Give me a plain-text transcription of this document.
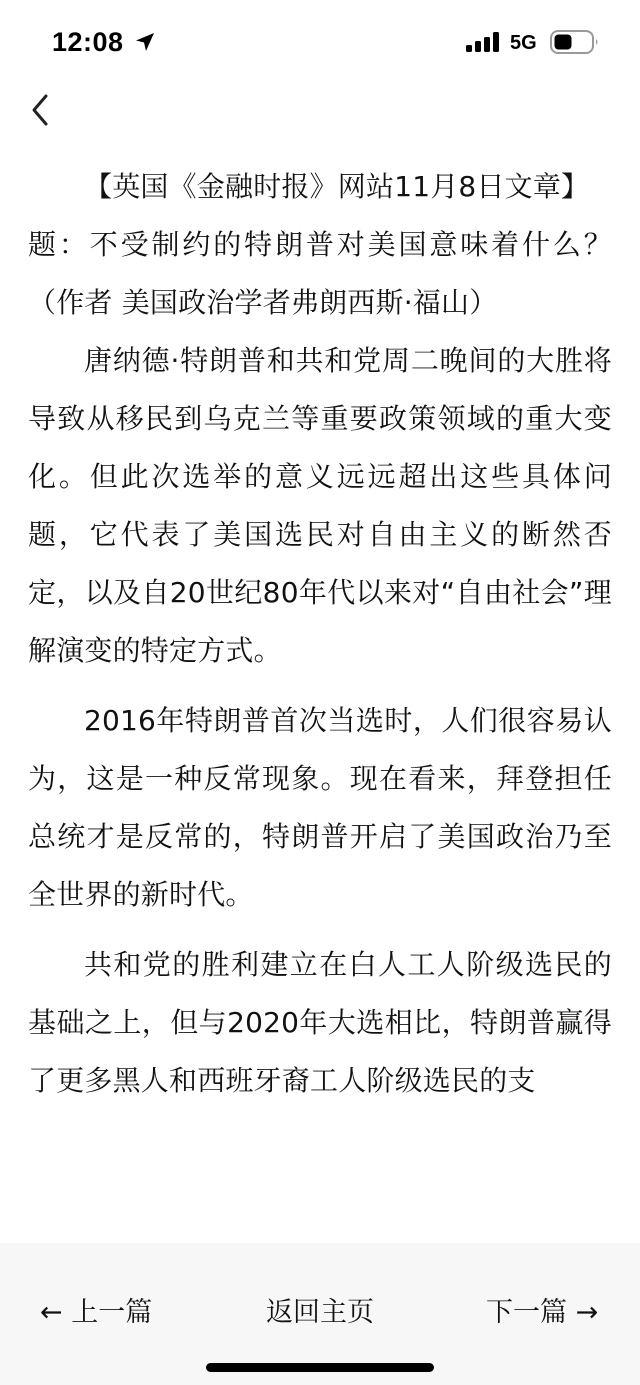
12:08	5G

【英国《金融时报》网站11月8日文章】

题：不受制约的特朗普对美国意味着什么？（作者 美国政治学者弗朗西斯·福山）

唐纳德·特朗普和共和党周二晚间的大胜将导致从移民到乌克兰等重要政策领域的重大变化。但此次选举的意义远远超出这些具体问题，它代表了美国选民对自由主义的断然否定，以及自20世纪80年代以来对“自由社会”理解演变的特定方式。

2016年特朗普首次当选时，人们很容易认为，这是一种反常现象。现在看来，拜登担任总统才是反常的，特朗普开启了美国政治乃至全世界的新时代。

共和党的胜利建立在白人工人阶级选民的基础之上，但与2020年大选相比，特朗普赢得了更多黑人和西班牙裔工人阶级选民的支

← 上一篇	返回主页	下一篇 →
